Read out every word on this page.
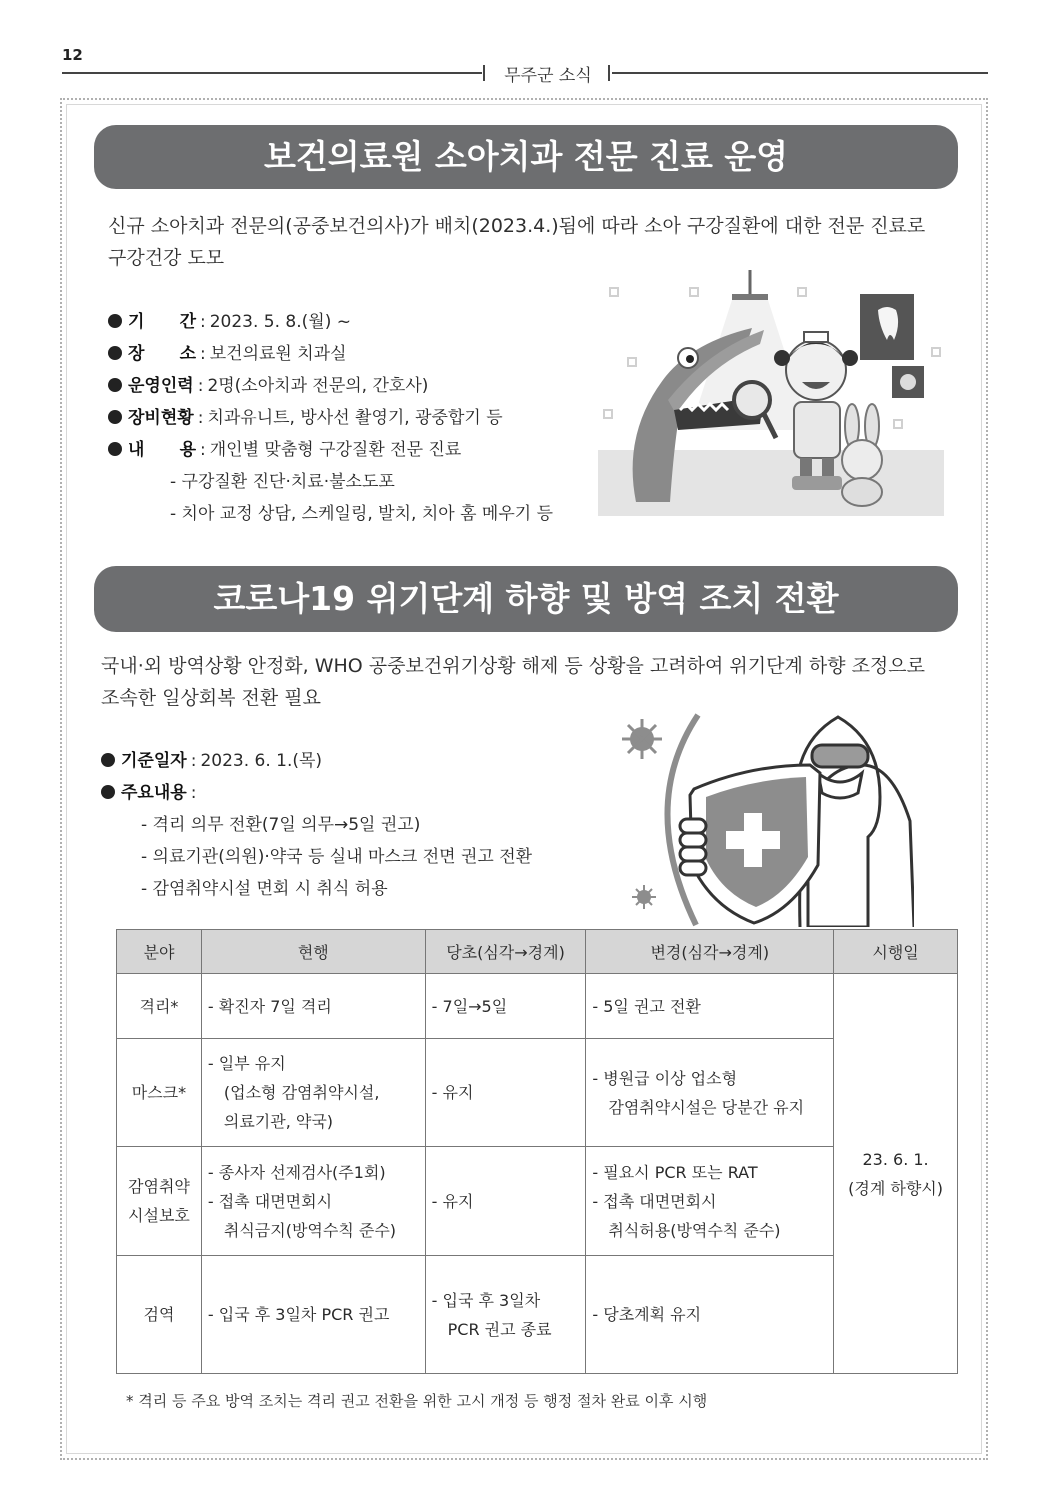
12
무주군 소식
보건의료원 소아치과 전문 진료 운영
신규 소아치과 전문의(공중보건의사)가 배치(2023.4.)됨에 따라 소아 구강질환에 대한 전문 진료로
구강건강 도모
기 간 : 2023. 5. 8.(월) ~
장 소 : 보건의료원 치과실
운영인력 : 2명(소아치과 전문의, 간호사)
장비현황 : 치과유니트, 방사선 촬영기, 광중합기 등
내 용 : 개인별 맞춤형 구강질환 전문 진료
- 구강질환 진단·치료·불소도포
- 치아 교정 상담, 스케일링, 발치, 치아 홈 메우기 등
코로나19 위기단계 하향 및 방역 조치 전환
국내·외 방역상황 안정화, WHO 공중보건위기상황 해제 등 상황을 고려하여 위기단계 하향 조정으로
조속한 일상회복 전환 필요
기준일자 : 2023. 6. 1.(목)
주요내용 :
- 격리 의무 전환(7일 의무→5일 권고)
- 의료기관(의원)·약국 등 실내 마스크 전면 권고 전환
- 감염취약시설 면회 시 취식 허용
분야	현행	당초(심각→경계)	변경(심각→경계)	시행일

격리*	- 확진자 7일 격리	- 7일→5일	- 5일 권고 전환	23. 6. 1.
(경계 하향시)

마스크*	- 일부 유지
(업소형 감염취약시설,
의료기관, 약국)	- 유지	- 병원급 이상 업소형
감염취약시설은 당분간 유지	

감염취약
시설보호	- 종사자 선제검사(주1회)
- 접촉 대면면회시
취식금지(방역수칙 준수)	- 유지	- 필요시 PCR 또는 RAT
- 접촉 대면면회시
취식허용(방역수칙 준수)	

검역	- 입국 후 3일차 PCR 권고	- 입국 후 3일차
PCR 권고 종료	- 당초계획 유지	
* 격리 등 주요 방역 조치는 격리 권고 전환을 위한 고시 개정 등 행정 절차 완료 이후 시행
